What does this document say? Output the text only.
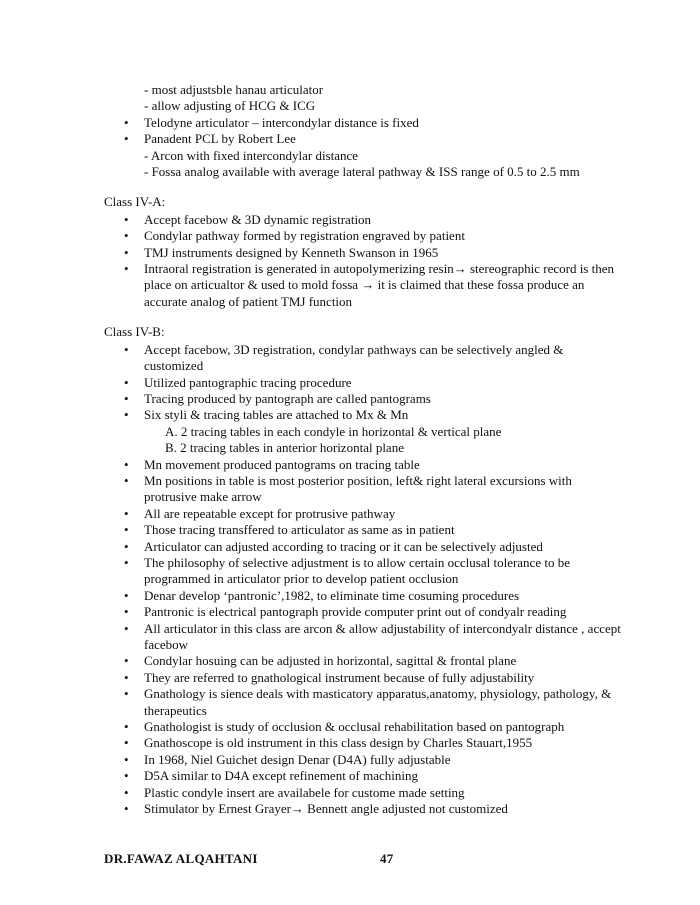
- most adjustsble hanau articulator
- allow adjusting of HCG & ICG
• Telodyne articulator – intercondylar distance is fixed
• Panadent PCL by Robert Lee
- Arcon with fixed intercondylar distance
- Fossa analog available with average lateral pathway & ISS range of 0.5 to 2.5 mm
Class IV-A:
• Accept facebow & 3D dynamic registration
• Condylar pathway formed by registration engraved by patient
• TMJ instruments designed by Kenneth Swanson in 1965
• Intraoral registration is generated in autopolymerizing resin→ stereographic record is then place on articualtor & used to mold fossa → it is claimed that these fossa produce an accurate analog of patient TMJ function
Class IV-B:
• Accept facebow, 3D registration, condylar pathways can be selectively angled & customized
• Utilized pantographic tracing procedure
• Tracing produced by pantograph are called pantograms
• Six styli & tracing tables are attached to Mx & Mn
A. 2 tracing tables in each condyle in horizontal & vertical plane
B. 2 tracing tables in anterior horizontal plane
• Mn movement produced pantograms on tracing table
• Mn positions in table is most posterior position, left& right lateral excursions with protrusive make arrow
• All are repeatable except for protrusive pathway
• Those tracing transffered to articulator as same as in patient
• Articulator can adjusted according to tracing or it can be selectively adjusted
• The philosophy of selective adjustment is to allow certain occlusal tolerance to be programmed in articulator prior to develop patient occlusion
• Denar develop ‘pantronic’,1982, to eliminate time cosuming procedures
• Pantronic is electrical pantograph provide computer print out of condyalr reading
• All articulator in this class are arcon & allow adjustability of intercondyalr distance , accept facebow
• Condylar hosuing can be adjusted in horizontal, sagittal & frontal plane
• They are referred to gnathological instrument because of fully adjustability
• Gnathology is sience deals with masticatory apparatus,anatomy, physiology, pathology, & therapeutics
• Gnathologist is study of occlusion & occlusal rehabilitation based on pantograph
• Gnathoscope is old instrument in this class design by Charles Stauart,1955
• In 1968, Niel Guichet design Denar (D4A) fully adjustable
• D5A similar to D4A except refinement of machining
• Plastic condyle insert are availabele for custome made setting
• Stimulator by Ernest Grayer→ Bennett angle adjusted not customized
DR.FAWAZ ALQAHTANI	47
